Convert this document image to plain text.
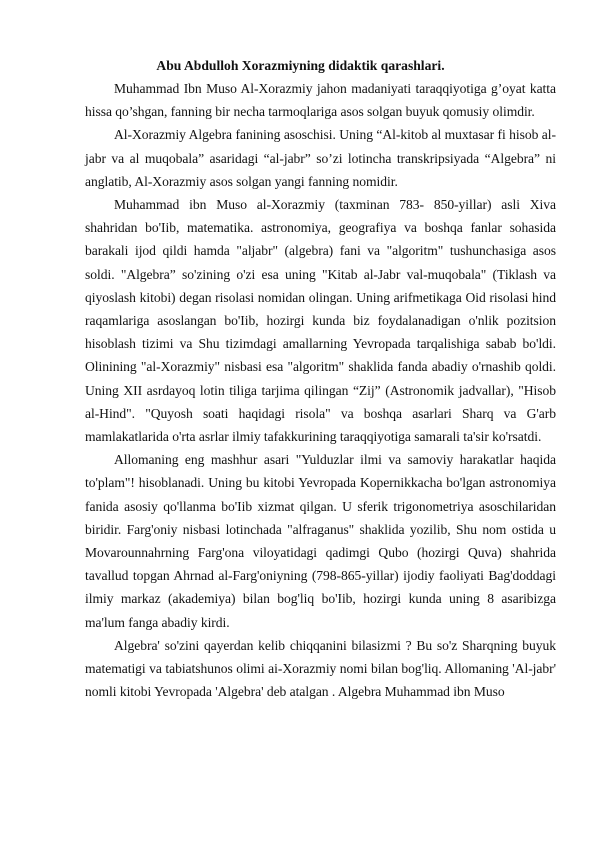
Abu Abdulloh Xorazmiyning didaktik qarashlari.

Muhammad Ibn Muso Al-Xorazmiy jahon madaniyati taraqqiyotiga g’oyat katta hissa qo’shgan, fanning bir necha tarmoqlariga asos solgan buyuk qomusiy olimdir.

Al-Xorazmiy Algebra fanining asoschisi. Uning “Al-kitob al muxtasar fi hisob al-jabr va al muqobala” asaridagi “al-jabr” so’zi lotincha transkripsiyada “Algebra” ni anglatib, Al-Xorazmiy asos solgan yangi fanning nomidir.

Muhammad ibn Muso al-Xorazmiy (taxminan 783- 850-yillar) asli Xiva shahridan bo'Iib, matematika. astronomiya, geografiya va boshqa fanlar sohasida barakali ijod qildi hamda "aljabr" (algebra) fani va "algoritm" tushunchasiga asos soldi. "Algebra” so'zining o'zi esa uning "Kitab al-Jabr val-muqobala" (Tiklash va qiyoslash kitobi) degan risolasi nomidan olingan. Uning arifmetikaga Oid risolasi hind raqamlariga asoslangan bo'Iib, hozirgi kunda biz foydalanadigan o'nlik pozitsion hisoblash tizimi va Shu tizimdagi amallarning Yevropada tarqalishiga sabab bo'ldi. Olinining "al-Xorazmiy" nisbasi esa "algoritm" shaklida fanda abadiy o'rnashib qoldi. Uning XII asrdayoq lotin tiliga tarjima qilingan “Zij” (Astronomik jadvallar), "Hisob al-Hind". "Quyosh soati haqidagi risola" va boshqa asarlari Sharq va G'arb mamlakatlarida o'rta asrlar ilmiy tafakkurining taraqqiyotiga samarali ta'sir ko'rsatdi.

Allomaning eng mashhur asari "Yulduzlar ilmi va samoviy harakatlar haqida to'plam"! hisoblanadi. Uning bu kitobi Yevropada Kopernikkacha bo'lgan astronomiya fanida asosiy qo'llanma bo'Iib xizmat qilgan. U sferik trigonometriya asoschilaridan biridir. Farg'oniy nisbasi lotinchada "alfraganus" shaklida yozilib, Shu nom ostida u Movarounnahrning Farg'ona viloyatidagi qadimgi Qubo (hozirgi Quva) shahrida tavallud topgan Ahrnad al-Farg'oniyning (798-865-yillar) ijodiy faoliyati Bag'doddagi ilmiy markaz (akademiya) bilan bog'liq bo'Iib, hozirgi kunda uning 8 asaribizga ma'lum fanga abadiy kirdi.

Algebra' so'zini qayerdan kelib chiqqanini bilasizmi ? Bu so'z Sharqning buyuk matematigi va tabiatshunos olimi ai-Xorazmiy nomi bilan bog'liq. Allomaning 'Al-jabr' nomli kitobi Yevropada 'Algebra' deb atalgan . Algebra Muhammad ibn Muso
